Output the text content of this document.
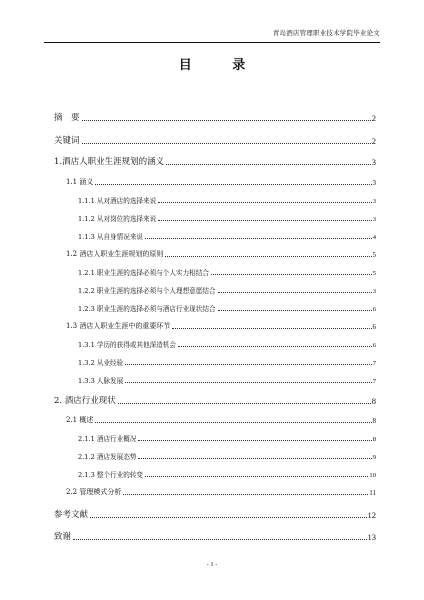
青岛酒店管理职业技术学院毕业论文
目 录
摘　要	2
关键词	2
1.酒店人职业生涯规划的涵义	3
1.1 涵义	3
1.1.1 从对酒店的选择来说	3
1.1.2 从对岗位的选择来说	3
1.1.3 从自身情况来说	4
1.2 酒店人职业生涯规划的原则	5
1.2.1 职业生涯的选择必须与个人实力相结合	5
1.2.2 职业生涯的选择必须与个人理想意愿结合	3
1.2.3 职业生涯的选择必须与酒店行业现状结合	6
1.3 酒店人职业生涯中的重要环节	6
1.3.1 学历的获得或其他深造机会	6
1.3.2 从业经验	7
1.3.3 人脉发展	7
2. 酒店行业现状	8
2.1 概述	8
2.1.1 酒店行业概况	8
2.1.2 酒店发展态势	9
2.1.3 整个行业的转变	10
2.2 管理模式分析	11
参考文献	12
致谢	13
- 1 -
